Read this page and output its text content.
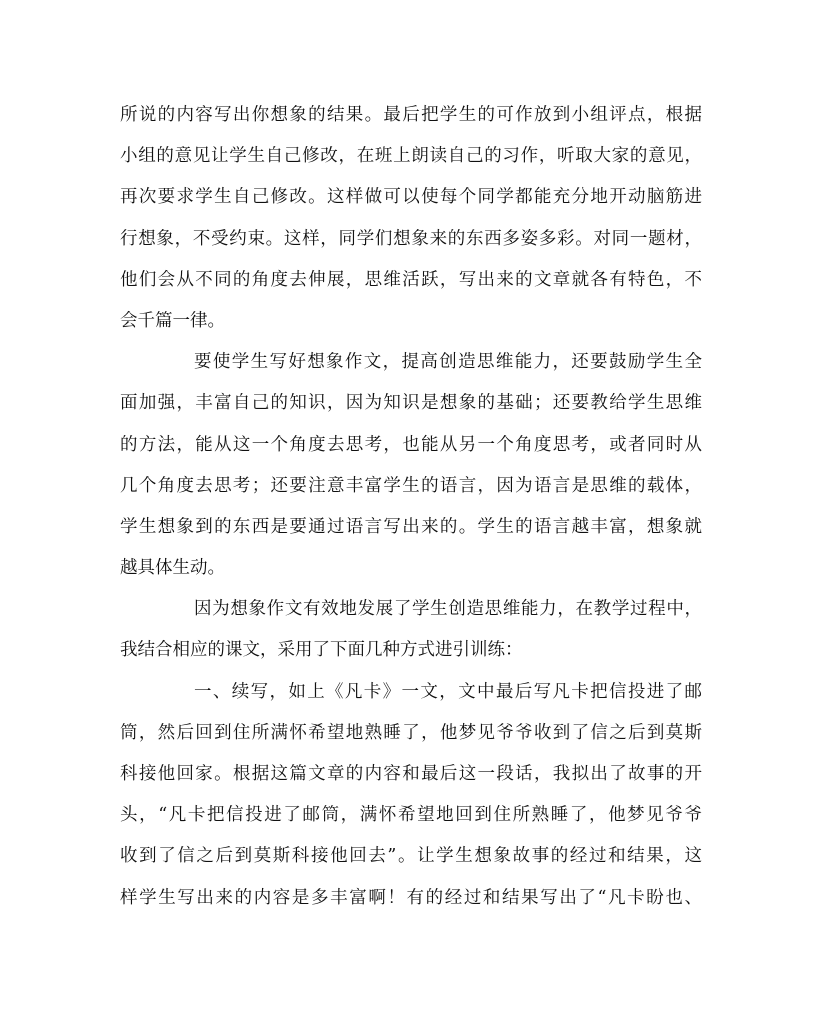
所说的内容写出你想象的结果。最后把学生的可作放到小组评点，根据
小组的意见让学生自己修改，在班上朗读自己的习作，听取大家的意见，
再次要求学生自己修改。这样做可以使每个同学都能充分地开动脑筋进
行想象，不受约束。这样，同学们想象来的东西多姿多彩。对同一题材，
他们会从不同的角度去伸展，思维活跃，写出来的文章就各有特色，不
会千篇一律。
要使学生写好想象作文，提高创造思维能力，还要鼓励学生全
面加强，丰富自己的知识，因为知识是想象的基础；还要教给学生思维
的方法，能从这一个角度去思考，也能从另一个角度思考，或者同时从
几个角度去思考；还要注意丰富学生的语言，因为语言是思维的载体，
学生想象到的东西是要通过语言写出来的。学生的语言越丰富，想象就
越具体生动。
因为想象作文有效地发展了学生创造思维能力，在教学过程中，
我结合相应的课文，采用了下面几种方式进引训练：
一、续写，如上《凡卡》一文，文中最后写凡卡把信投进了邮
筒，然后回到住所满怀希望地熟睡了，他梦见爷爷收到了信之后到莫斯
科接他回家。根据这篇文章的内容和最后这一段话，我拟出了故事的开
头，“凡卡把信投进了邮筒，满怀希望地回到住所熟睡了，他梦见爷爷
收到了信之后到莫斯科接他回去”。让学生想象故事的经过和结果，这
样学生写出来的内容是多丰富啊！有的经过和结果写出了“凡卡盼也、
